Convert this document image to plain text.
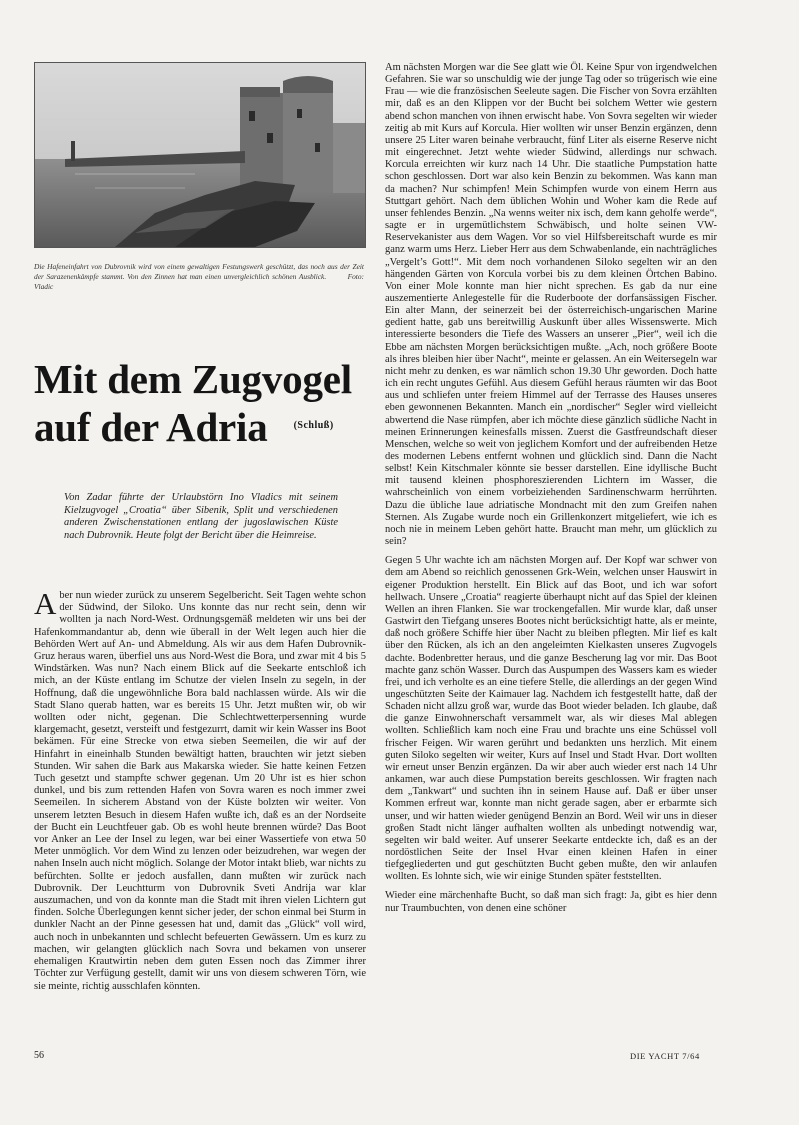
Die Hafeneinfahrt von Dubrovnik wird von einem gewaltigen Festungswerk geschützt, das noch aus der Zeit der Sarazenenkämpfe stammt. Von den Zinnen hat man einen unvergleichlich schönen Ausblick.	Foto: Vladic
Mit dem Zugvogel
auf der Adria	(Schluß)
Von Zadar führte der Urlaubstörn Ino Vladics mit seinem Kielzugvogel „Croatia“ über Sibenik, Split und verschiedenen anderen Zwischenstationen entlang der jugoslawischen Küste nach Dubrovnik. Heute folgt der Bericht über die Heimreise.
Aber nun wieder zurück zu unserem Segelbericht. Seit Tagen wehte schon der Südwind, der Siloko. Uns konnte das nur recht sein, denn wir wollten ja nach Nord-West. Ordnungsgemäß meldeten wir uns bei der Hafenkommandantur ab, denn wie überall in der Welt legen auch hier die Behörden Wert auf An- und Abmeldung. Als wir aus dem Hafen Dubrovnik-Gruz heraus waren, überfiel uns aus Nord-West die Bora, und zwar mit 4 bis 5 Windstärken. Was nun? Nach einem Blick auf die Seekarte entschloß ich mich, an der Küste entlang im Schutze der vielen Inseln zu segeln, in der Hoffnung, daß die ungewöhnliche Bora bald nachlassen würde. Als wir die Stadt Slano querab hatten, war es bereits 15 Uhr. Jetzt mußten wir, ob wir wollten oder nicht, gegenan. Die Schlechtwetterpersenning wurde klargemacht, gesetzt, versteift und festgezurrt, damit wir kein Wasser ins Boot bekämen. Für eine Strecke von etwa sieben Seemeilen, die wir auf der Hinfahrt in eineinhalb Stunden bewältigt hatten, brauchten wir jetzt sieben Stunden. Wir sahen die Bark aus Makarska wieder. Sie hatte keinen Fetzen Tuch gesetzt und stampfte schwer gegenan. Um 20 Uhr ist es hier schon dunkel, und bis zum rettenden Hafen von Sovra waren es noch immer zwei Seemeilen. In sicherem Abstand von der Küste bolzten wir weiter. Von unserem letzten Besuch in diesem Hafen wußte ich, daß es an der Nordseite der Bucht ein Leuchtfeuer gab. Ob es wohl heute brennen würde? Das Boot vor Anker an Lee der Insel zu legen, war bei einer Wassertiefe von etwa 50 Meter unmöglich. Vor dem Wind zu lenzen oder beizudrehen, war wegen der nahen Inseln auch nicht möglich. Solange der Motor intakt blieb, war nichts zu befürchten. Sollte er jedoch ausfallen, dann mußten wir zurück nach Dubrovnik. Der Leuchtturm von Dubrovnik Sveti Andrija war klar auszumachen, und von da konnte man die Stadt mit ihren vielen Lichtern gut finden. Solche Überlegungen kennt sicher jeder, der schon einmal bei Sturm in dunkler Nacht an der Pinne gesessen hat und, damit das „Glück“ voll wird, auch noch in unbekannten und schlecht befeuerten Gewässern. Um es kurz zu machen, wir gelangten glücklich nach Sovra und bekamen von unserer ehemaligen Krautwirtin neben dem guten Essen noch das Zimmer ihrer Töchter zur Verfügung gestellt, damit wir uns von diesem schweren Törn, wie sie meinte, richtig ausschlafen könnten.

Am nächsten Morgen war die See glatt wie Öl. Keine Spur von irgendwelchen Gefahren. Sie war so unschuldig wie der junge Tag oder so trügerisch wie eine Frau — wie die französischen Seeleute sagen. Die Fischer von Sovra erzählten mir, daß es an den Klippen vor der Bucht bei solchem Wetter wie gestern abend schon manchen von ihnen erwischt habe. Von Sovra segelten wir wieder zeitig ab mit Kurs auf Korcula. Hier wollten wir unser Benzin ergänzen, denn unsere 25 Liter waren beinahe verbraucht, fünf Liter als eiserne Reserve nicht mit eingerechnet. Jetzt wehte wieder Südwind, allerdings nur schwach. Korcula erreichten wir kurz nach 14 Uhr. Die staatliche Pumpstation hatte schon geschlossen. Dort war also kein Benzin zu bekommen. Was kann man da machen? Nur schimpfen! Mein Schimpfen wurde von einem Herrn aus Stuttgart gehört. Nach dem üblichen Wohin und Woher kam die Rede auf unser fehlendes Benzin. „Na wenns weiter nix isch, dem kann geholfe werde“, sagte er in urgemütlichstem Schwäbisch, und holte seinen VW-Reservekanister aus dem Wagen. Vor so viel Hilfsbereitschaft wurde es mir ganz warm ums Herz. Lieber Herr aus dem Schwabenlande, ein nachträgliches „Vergelt’s Gott!“. Mit dem noch vorhandenen Siloko segelten wir an den hängenden Gärten von Korcula vorbei bis zu dem kleinen Örtchen Babino. Von einer Mole konnte man hier nicht sprechen. Es gab da nur eine auszementierte Anlegestelle für die Ruderboote der dorfansässigen Fischer. Ein alter Mann, der seinerzeit bei der österreichisch-ungarischen Marine gedient hatte, gab uns bereitwillig Auskunft über alles Wissenswerte. Mich interessierte besonders die Tiefe des Wassers an unserer „Pier“, weil ich die Ebbe am nächsten Morgen berücksichtigen mußte. „Ach, noch größere Boote als ihres bleiben hier über Nacht“, meinte er gelassen. An ein Weitersegeln war nicht mehr zu denken, es war nämlich schon 19.30 Uhr geworden. Doch hatte ich ein recht ungutes Gefühl. Aus diesem Gefühl heraus räumten wir das Boot aus und schliefen unter freiem Himmel auf der Terrasse des Hauses unseres eben gewonnenen Bekannten. Manch ein „nordischer“ Segler wird vielleicht abwertend die Nase rümpfen, aber ich möchte diese gänzlich südliche Nacht in meinen Erinnerungen keinesfalls missen. Zuerst die Gastfreundschaft dieser Menschen, welche so weit von jeglichem Komfort und der aufreibenden Hetze des modernen Lebens entfernt wohnen und glücklich sind. Dann die Nacht selbst! Kein Kitschmaler könnte sie besser darstellen. Eine idyllische Bucht mit tausend kleinen phosphoreszierenden Lichtern im Wasser, die wahrscheinlich von einem vorbeiziehenden Sardinenschwarm herrührten. Dazu die übliche laue adriatische Mondnacht mit den zum Greifen nahen Sternen. Als Zugabe wurde noch ein Grillenkonzert mitgeliefert, wie ich es noch nie in meinem Leben gehört hatte. Braucht man mehr, um glücklich zu sein?

Gegen 5 Uhr wachte ich am nächsten Morgen auf. Der Kopf war schwer von dem am Abend so reichlich genossenen Grk-Wein, welchen unser Hauswirt in eigener Produktion herstellt. Ein Blick auf das Boot, und ich war sofort hellwach. Unsere „Croatia“ reagierte überhaupt nicht auf das Spiel der kleinen Wellen an ihren Flanken. Sie war trockengefallen. Mir wurde klar, daß unser Gastwirt den Tiefgang unseres Bootes nicht berücksichtigt hatte, als er meinte, daß noch größere Schiffe hier über Nacht zu bleiben pflegten. Mir lief es kalt über den Rücken, als ich an den angeleimten Kielkasten unseres Zugvogels dachte. Bodenbretter heraus, und die ganze Bescherung lag vor mir. Das Boot machte ganz schön Wasser. Durch das Auspumpen des Wassers kam es wieder frei, und ich verholte es an eine tiefere Stelle, die allerdings an der gegen Wind ungeschützten Seite der Kaimauer lag. Nachdem ich festgestellt hatte, daß der Schaden nicht allzu groß war, wurde das Boot wieder beladen. Ich glaube, daß die ganze Einwohnerschaft versammelt war, als wir dieses Mal ablegen wollten. Schließlich kam noch eine Frau und brachte uns eine Schüssel voll frischer Feigen. Wir waren gerührt und bedankten uns herzlich. Mit einem guten Siloko segelten wir weiter, Kurs auf Insel und Stadt Hvar. Dort wollten wir erneut unser Benzin ergänzen. Da wir aber auch wieder erst nach 14 Uhr ankamen, war auch diese Pumpstation bereits geschlossen. Wir fragten nach dem „Tankwart“ und suchten ihn in seinem Hause auf. Daß er über unser Kommen erfreut war, konnte man nicht gerade sagen, aber er erbarmte sich unser, und wir hatten wieder genügend Benzin an Bord. Weil wir uns in dieser großen Stadt nicht länger aufhalten wollten als unbedingt notwendig war, segelten wir bald weiter. Auf unserer Seekarte entdeckte ich, daß es an der nordöstlichen Seite der Insel Hvar einen kleinen Hafen in einer tiefgegliederten und gut geschützten Bucht geben mußte, den wir anlaufen wollten. Es lohnte sich, wie wir einige Stunden später feststellten.

Wieder eine märchenhafte Bucht, so daß man sich fragt: Ja, gibt es hier denn nur Traumbuchten, von denen eine schöner

56	DIE YACHT 7/64
